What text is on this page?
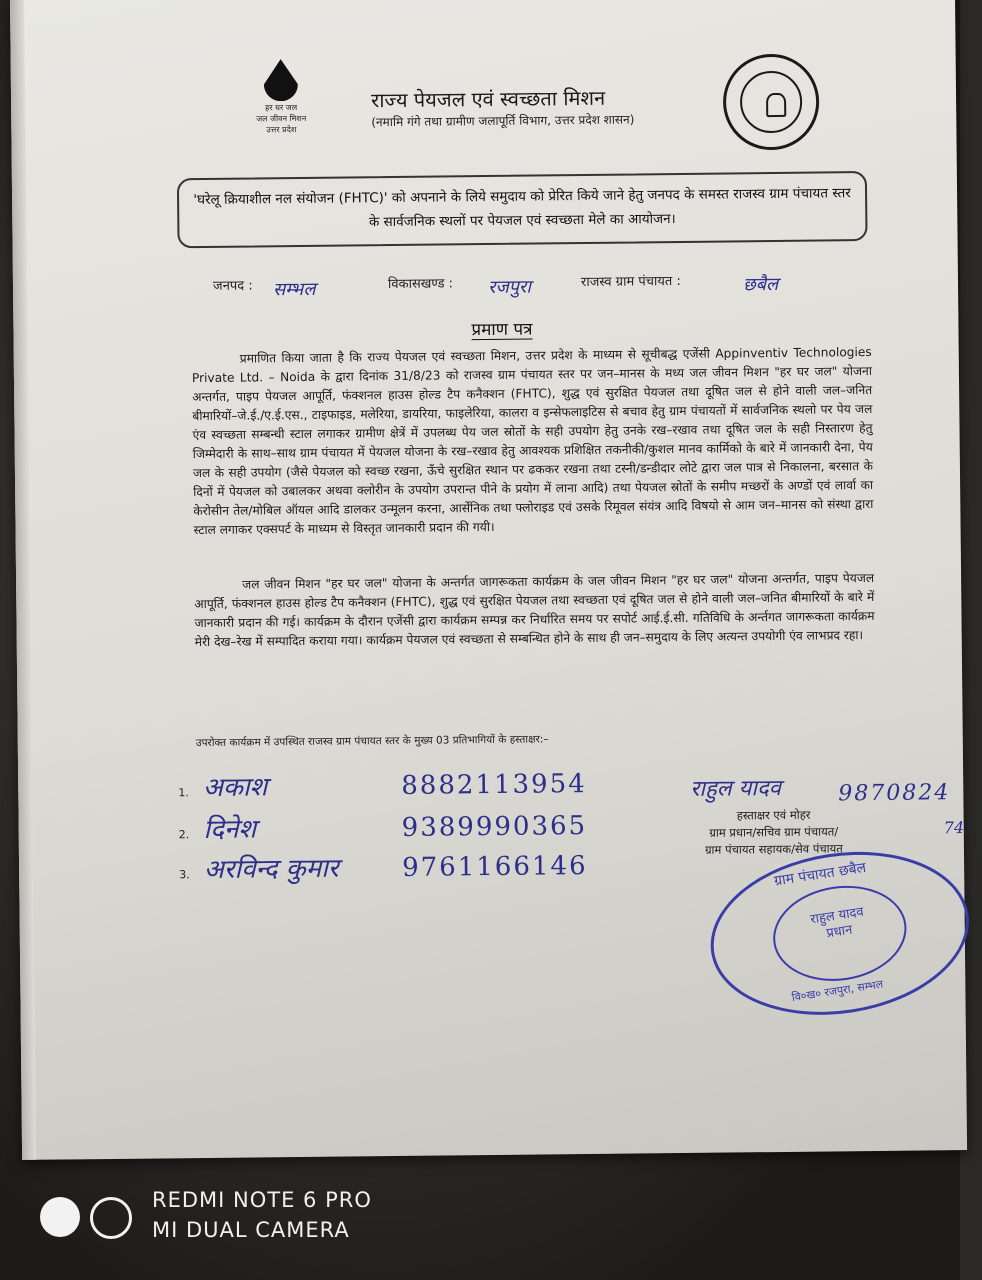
हर घर जल
जल जीवन मिशन
उत्तर प्रदेश
राज्य पेयजल एवं स्वच्छता मिशन
(नमामि गंगे तथा ग्रामीण जलापूर्ति विभाग, उत्तर प्रदेश शासन)
'घरेलू क्रियाशील नल संयोजन (FHTC)' को अपनाने के लिये समुदाय को प्रेरित किये जाने हेतु जनपद के समस्त राजस्व ग्राम पंचायत स्तर के सार्वजनिक स्थलों पर पेयजल एवं स्वच्छता मेले का आयोजन।
जनपद : सम्भल	विकासखण्ड : रजपुरा	राजस्व ग्राम पंचायत :	छबैल
प्रमाण पत्र
प्रमाणित किया जाता है कि राज्य पेयजल एवं स्वच्छता मिशन, उत्तर प्रदेश के माध्यम से सूचीबद्ध एजेंसी Appinventiv Technologies Private Ltd. – Noida के द्वारा दिनांक 31/8/23 को राजस्व ग्राम पंचायत स्तर पर जन–मानस के मध्य जल जीवन मिशन "हर घर जल" योजना अन्तर्गत, पाइप पेयजल आपूर्ति, फंक्शनल हाउस होल्ड टैप कनैक्शन (FHTC), शुद्ध एवं सुरक्षित पेयजल तथा दूषित जल से होने वाली जल–जनित बीमारियों–जे.ई./ए.ई.एस., टाइफाइड, मलेरिया, डायरिया, फाइलेरिया, कालरा व इन्सेफलाइटिस से बचाव हेतु ग्राम पंचायतों में सार्वजनिक स्थलो पर पेय जल एंव स्वच्छता सम्बन्धी स्टाल लगाकर ग्रामीण क्षेत्रें में उपलब्ध पेय जल स्रोतों के सही उपयोग हेतु उनके रख–रखाव तथा दूषित जल के सही निस्तारण हेतु जिम्मेदारी के साथ–साथ ग्राम पंचायत में पेयजल योजना के रख–रखाव हेतु आवश्यक प्रशिक्षित तकनीकी/कुशल मानव कार्मिको के बारे में जानकारी देना, पेय जल के सही उपयोग (जैसे पेयजल को स्वच्छ रखना, ऊँचे सुरक्षित स्थान पर ढककर रखना तथा टस्नी/डन्डीदार लोटे द्वारा जल पात्र से निकालना, बरसात के दिनों में पेयजल को उबालकर अथवा क्लोरीन के उपयोग उपरान्त पीने के प्रयोग में लाना आदि) तथा पेयजल स्रोतों के समीप मच्छरों के अण्डों एवं लार्वा का केरोसीन तेल/मोबिल ऑयल आदि डालकर उन्मूलन करना, आर्सेनिक तथा फ्लोराइड एवं उसके रिमूवल संयंत्र आदि विषयो से आम जन–मानस को संस्था द्वारा स्टाल लगाकर एक्सपर्ट के माध्यम से विस्तृत जानकारी प्रदान की गयी।
जल जीवन मिशन "हर घर जल" योजना के अन्तर्गत जागरूकता कार्यक्रम के जल जीवन मिशन "हर घर जल" योजना अन्तर्गत, पाइप पेयजल आपूर्ति, फंक्शनल हाउस होल्ड टैप कनैक्शन (FHTC), शुद्ध एवं सुरक्षित पेयजल तथा स्वच्छता एवं दूषित जल से होने वाली जल–जनित बीमारियों के बारे में जानकारी प्रदान की गई। कार्यक्रम के दौरान एजेंसी द्वारा कार्यक्रम सम्पन्न कर निर्धारित समय पर सपोर्ट आई.ई.सी. गतिविधि के अर्न्तगत जागरूकता कार्यक्रम मेरी देख–रेख में सम्पादित कराया गया। कार्यक्रम पेयजल एवं स्वच्छता से सम्बन्धित होने के साथ ही जन–समुदाय के लिए अत्यन्त उपयोगी एंव लाभप्रद रहा।
उपरोक्त कार्यक्रम में उपस्थित राजस्व ग्राम पंचायत स्तर के मुख्य 03 प्रतिभागियों के हस्ताक्षर:–
1. अकाश	8882113954
2. दिनेश	9389990365
3. अरविन्द कुमार 9761166146
राहुल यादव	9870824
74
हस्ताक्षर एवं मोहर
ग्राम प्रधान/सचिव ग्राम पंचायत/
ग्राम पंचायत सहायक/सेव पंचायत
ग्राम पंचायत छबैल
राहुल यादव
प्रधान
वि०ख० रजपुरा, सम्भल
REDMI NOTE 6 PRO
MI DUAL CAMERA
